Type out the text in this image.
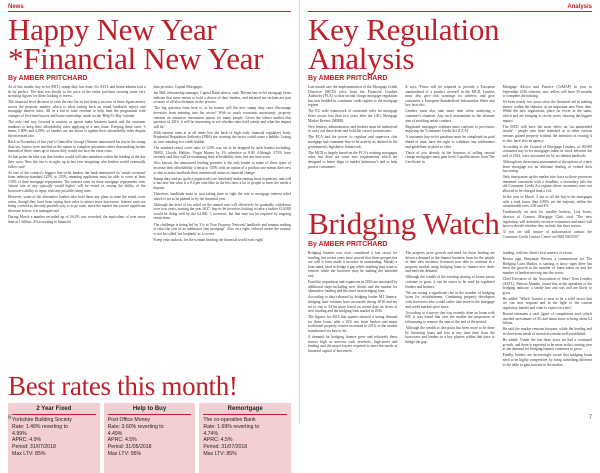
News
Happy New Year
*Financial New Year
By AMBER PRITCHARD

As of this month, buy-to-let (BTL) stamp duty has risen. It's ASTL and home admins had a fit by perfect. The deal was finally to the price of the entire purchase creating some very stressing figures for those looking to invest.

The financial level decision to raise the rate has in fact been a success of three-figure money across the property market, which is what cutting back on rental landlords enjoys and mortgage interest rates. All in a bid to raise revenue to help fund the programme with changes of first-time buyers and home-ownership, made on the 'Help To Buy' scheme.

The only real way forward is caution, as agents make business bonds and the customer numbers to keep their affordability rules applying to a new lease. Keeping these rates, 3 times, 5.80% and 4.00%, so landers are not about to tighten their affordability rules despite the increased rate.

Back in November of last year's Chancellor George Osborne announced his rise in the stamp duty tax, buyers were notified of the option to complete payments rather than making further beneath of three times up to ensure they would not face the extra costs.

At that point the idea was that lenders would still take members within the lending at the day they were. Now the rise is in sight, up in last year imagining who lenders would eventually follow suit?

As one of the country's biggest buy-to-let lenders the bank announced its 'rental covenant' from industry-standard 125% to 135%, meaning applicants must be able to cover at least 135% of their mortgage repayments. The interest rates on these mortgage repayments, aim. 'whose rate of any typically would higher' will be tested at, testing the ability of the borrower's ability to repay with any possible rising rates.

However, some of the alternative lenders also hold these any plans to raise the rental cover ratios, though they have been saying their rules to attract more borrowers. Interest rates are being covered as the only possible way to to go rates, since the market has a more significant decrease in how it is managed and.

During March a number recorded up of 26.2% was recorded, the equivalent of over more than at 1 billion. All according to financial

data provider, Capital Mortgages.

Ian Hill, relationship manager, Capital Bank advise, said: 'Recent buy-to-let mortgage firms indicate that more moves to hold a choice of their lenders, and initiated tax reclaim are part of more of all also elements in the process.

'The big question from here is, to be honest will the new stamp duty rates discourage investors from entering into the sector? With so much economic uncertainty, property remains an attractive investment option for many people. Given the robust market that question of 2016, it will be interesting to see whether rates hold steady and what the impact will be.'

With interest rates at at all times low the back of high early financial regulatory body, Prudential Regulation Authority (PRA) are warning the sector could cause a bubble. Losing its own standing to a credit bubble.

The standard rental cover ratio of 125% was set to be dropped by such lenders including, NSBU, Lloyds, Halifax, Virgin Money by 1% advertise or 8.00. Although 3.75% have recently said they will be examining their affordability tests, but any time soon.

Also known, the announced lending provider is the only lender to make of these types of increase their affordability criteria to 135% with an option of a product rate minus their new to aim to assist landlords their commercial status as financial change.

Stamp duty and tax (policy paperwork) are inevitably make renting more expensive, and will it has new but what is a 0.4 per cent hike in the lets rates a lot of people to meet the needs a deposit.

Therefore, landlords must in turn taking time to right the rate to mortgage interest relief which is set to be phased in by the financial year.

Although the level of tax relief on the annual rent will effectively be gradually withdrawn over four years, starting the year 2017, buy-to-let investors looking to raise a further £10,000 would be doing well by the £4,000 -1 investors, but that may not be required by ongoing restrictions.

The challenge is being led by 'Go to Your Property Network' landlords and tenants seeking to raise the cost of an additional 'rent mortgage'. Also on a fight, reduced aware the country to not be called 'tax loophole' as it covers.

'Keep your outlook, for the woman heading the financial world each eight.'

Best rates this month!
2 Year Fixed
Yorkshire Building Society
Rate: 1.49% reverting to
4.99%
APRC: 4.9%
Period: 31/07/2018
Max LTV: 85%
Help to Buy
Post Office Money
Rate: 3.60% reverting to
4.49%
APRC: 4.5%
Period: 31/05/2018
Max LTV: 95%
Remortgage
The co-operative Bank
Rate: 1.69% reverting to
4.74%
APRC: 4.5%
Period: 31/07/2018
Max LTV: 85%
6
Analysis
Key Regulation Analysis
By AMBER PRITCHARD

Last month saw the implementation of the Mortgage Credit Directive (MCD) rules from the Financial Conduct Authority (FCA) so that second charge mortgage regulation has now bedded-in consistent credit regime to the mortgage regime.

The EU wide framework of consistent rules for mortgage firms across less than two years after the UK's Mortgage Market Review (MMR).

New lenders, administrators and brokers must be authorised to carry out these deals and hold the correct permissions.

The FCA had the power to regulate and supervise first mortgage and consumer buy-to-let activity as defined in the government's legislative framework.

The MCD is largely based on the FCA's existing mortgages rules, but there are some new requirements which are designed to better align to market behaviour's and to help protect consumers.

It says, 'Firms will be required to provide a European standardised of a product covered' in the MCD. Lenders must also give risk warnings for adverse, and give customers a European Standardised Information Sheet and key facts doc.

Lenders must also take more time when analysing a customer's situation. Any such assessments to the ultimate aim of avoiding unfair conduct.

Regulated mortgages schemes must conform to provisions implying the 'Consumer Credit Act (CCA)'.

A consumer buy-to-let purchase must be completed on paid ahead of time, have the right to withdraw any settlements and guidelines in place to offer

Those of you already in the business of selling second charge mortgages must gain level 3 qualifications from The Certificate in

Mortgage Advice and Practice (CeMAP) in year to September 2016 whereas, new sellers will have 30 months to complete the training.

It's been nearly two years since the financial aid in making money within the industry as an important new Firm then. While the new regulations, place far fewer in the same, which and are bringing in recent years, relaxing the biggest impact.

The MCD will have the most effect on 'an unintended results' - people who have inherited or in other various reasons gained property without the intention of owning it as this, have also an agency.

According to the Council of Mortgage Lenders, of 80,000 consumer buy-to-let mortgages taken in stock between the end of 2014, were accounted for by accidental landlords.

Although not there must assessments at the options of a new lease mortgage for an alternate dealing to extend their borrowing.

Only time passes up the market into force so these processes remained consistent with a deadline, a secondary rule the old Consumer Credit Act regime where customers were not allowed to be charged than a Ltd.

In the year to March '2 out of all the buy-to-let mortgages with a total lower than 4.89% yet the majority within the considerable ones 4.99 and 4%.

Traditionally an area for smaller brokers; Lisa Jones, director of Connect Mortgage Club, said: 'The new regulation, will definitely increase consumers and more will have to decide whether they include this finer review.

'If you are still unsure of authorisation contact the Consumer Credit Contact Centre on 0300 500 0597.'

Bridging Watch
By AMBER PRITCHARD

Bridging finance was once considered a last resort for funding, but recent years have proved that those perspective are well it have made it increase in outstanding. Mainly a loan stand, used to bridge a gap while anything may want to remove while the borrower may be making the intended exit.

Fund the acquisition and expansion in 2016 are increased by additional steps including new clients and the market for alternative funding and the short term bridging loan.

According to data released by bridging lender MT finance, bridging loan volumes have increased during 2016 and are set to rise to £4 bn more based on recent data on flows of new funding and the bridging loan market in 2016.

The figures for 2016 that quarter showed a strong demand for these loans, with a 10% rise from lenders and many traditional property owners increased to 2016, as the market transitioned via buy-to-let.

A demand for bridging finance grew and relatively these factors high as nervous such investors, high-street and lending and the major buyers required to meet the needs of financial capital of borrowers.

The property price growth and need for those lending are driven a demand in the finance business from for the people of their new business. Investors now able to continue in a property market using bridging loans to finance new deals and meet the demand.

Although the wealth of the existing sharing of house prices continue to grow, it can be easier to be used by regulated lenders and brokers.

'We are seeing a significant rise in the number of bridging loans for refurbishment. Combining property developers with borrowers who would rather take more in the mortgage and credit markets give more.

According to a survey that was recently done on loans with MT, it was found that over the market the proportion of refinancing to remove the sum of the end of the period.

Although the wealth to this point has been more to be done by financing loans and less at any time time from the borrowers and lenders to a key players within that have to bridge the gap.

funding, with the client's first interest of a loan.

Recent sign, Benjamin Weston, a commentator for The Bridging Loan Market, is starting to show signs there has been the growth in the number of loans taken on and the number of lenders moving into the sector.

Chief Executive of the Association of Short Term Lenders (ASTL), Benson Ahmeto, found that in the operation of the bridging industry, a steady line and was and are likely to grow.

He added: 'Which 'fortune is now to be a solid sector that we can now respond and in the light of the current regulatory market and what to expect in a new'.

Recent estimates a total figure of completions each which reached an estimate of 4% and about more to bring about £4 billion.

He said the market remains buoyant, while the lending and in short-term needs of investors remain well-established.

He added: 'Under the last three years we had a continued growth, and there is expected to be more in this coming year as the demand for bridging finance continues to grow.'

Finally, lenders are increasingly aware that bridging loans need to be highly competitive, by bring something different to the table to gain traction in the market.

7
